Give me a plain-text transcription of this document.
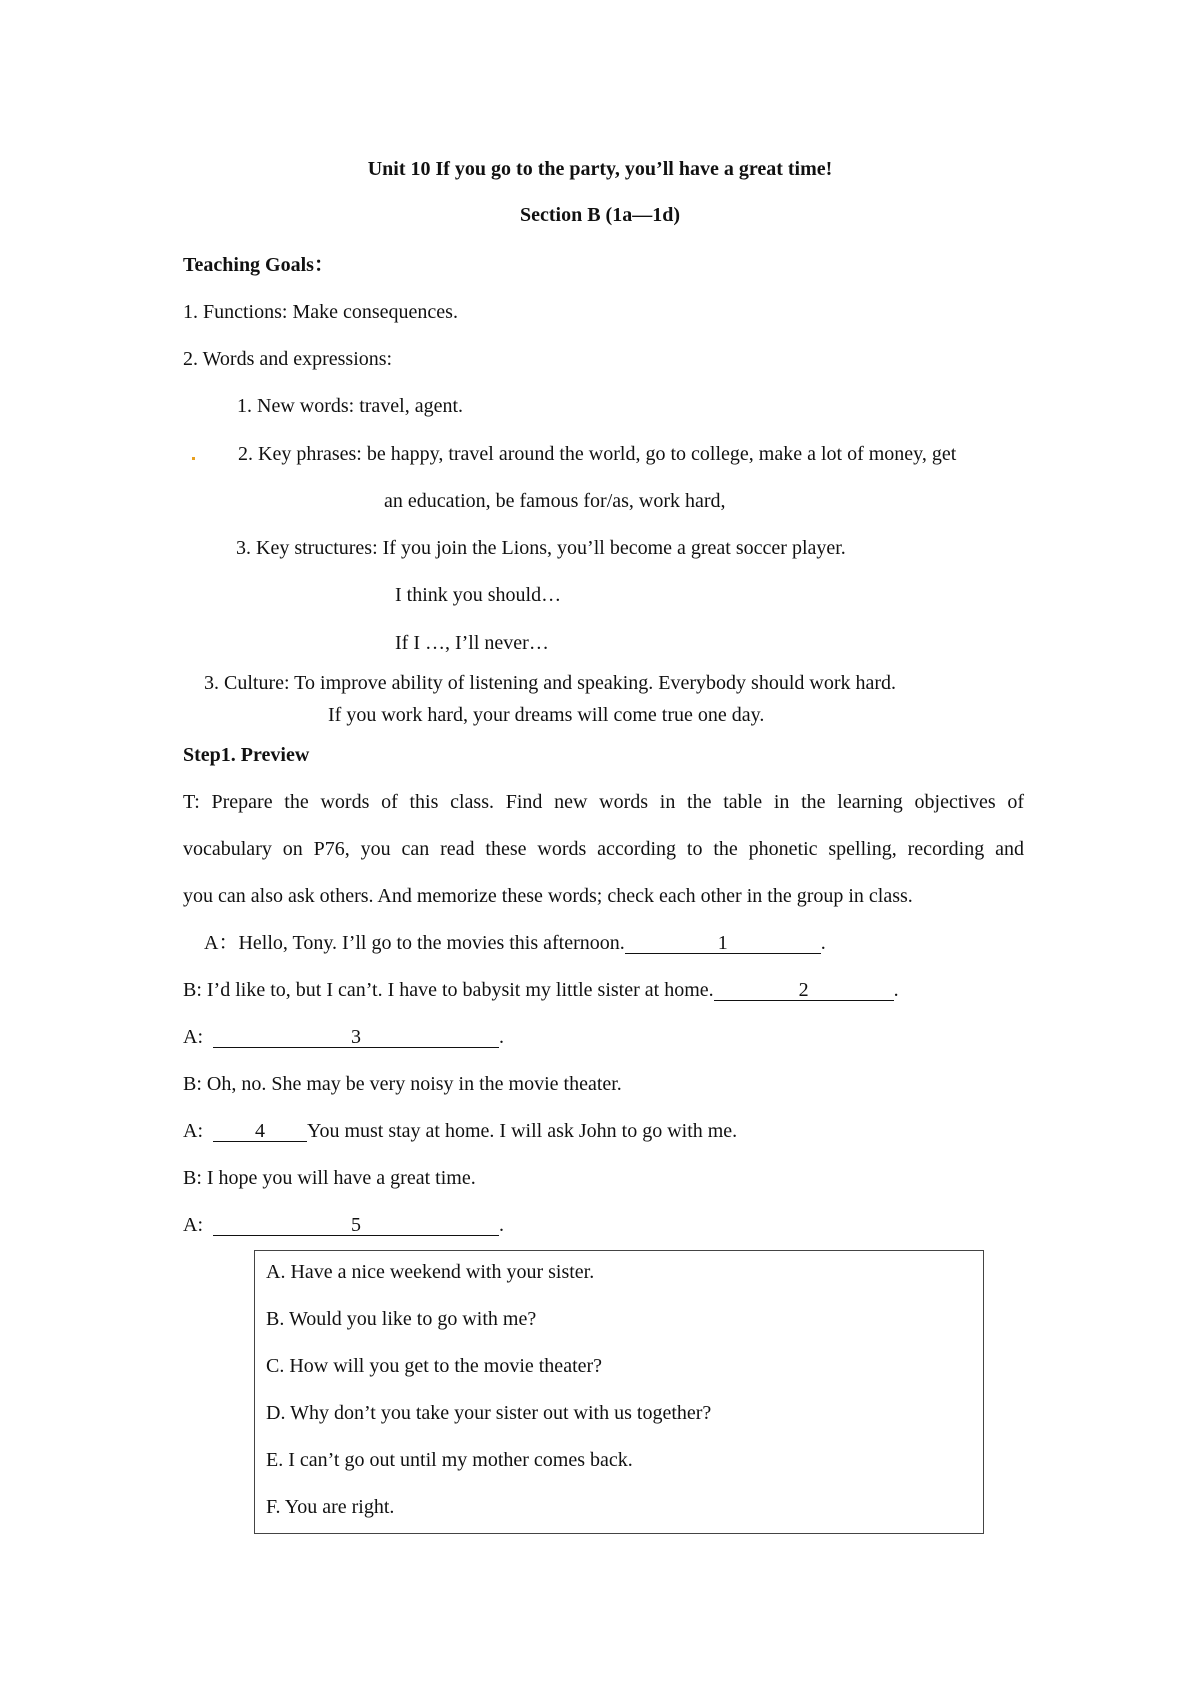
Unit 10 If you go to the party, you’ll have a great time!
Section B (1a—1d)
Teaching Goals：
1. Functions: Make consequences.
2. Words and expressions:
1. New words: travel, agent.
2. Key phrases: be happy, travel around the world, go to college, make a lot of money, get
an education, be famous for/as, work hard,
3. Key structures: If you join the Lions, you’ll become a great soccer player.
I think you should…
If I …, I’ll never…
3. Culture: To improve ability of listening and speaking. Everybody should work hard.
If you work hard, your dreams will come true one day.
Step1. Preview
T: Prepare the words of this class. Find new words in the table in the learning objectives of
vocabulary on P76, you can read these words according to the phonetic spelling, recording and
you can also ask others. And memorize these words; check each other in the group in class.
A：Hello, Tony. I’ll go to the movies this afternoon.	1	.
B: I’d like to, but I can’t. I have to babysit my little sister at home.	2	.
A:	3	.
B: Oh, no. She may be very noisy in the movie theater.
A:	4 You must stay at home. I will ask John to go with me.
B: I hope you will have a great time.
A:	5	.
A. Have a nice weekend with your sister.
B. Would you like to go with me?
C. How will you get to the movie theater?
D. Why don’t you take your sister out with us together?
E. I can’t go out until my mother comes back.
F. You are right.
